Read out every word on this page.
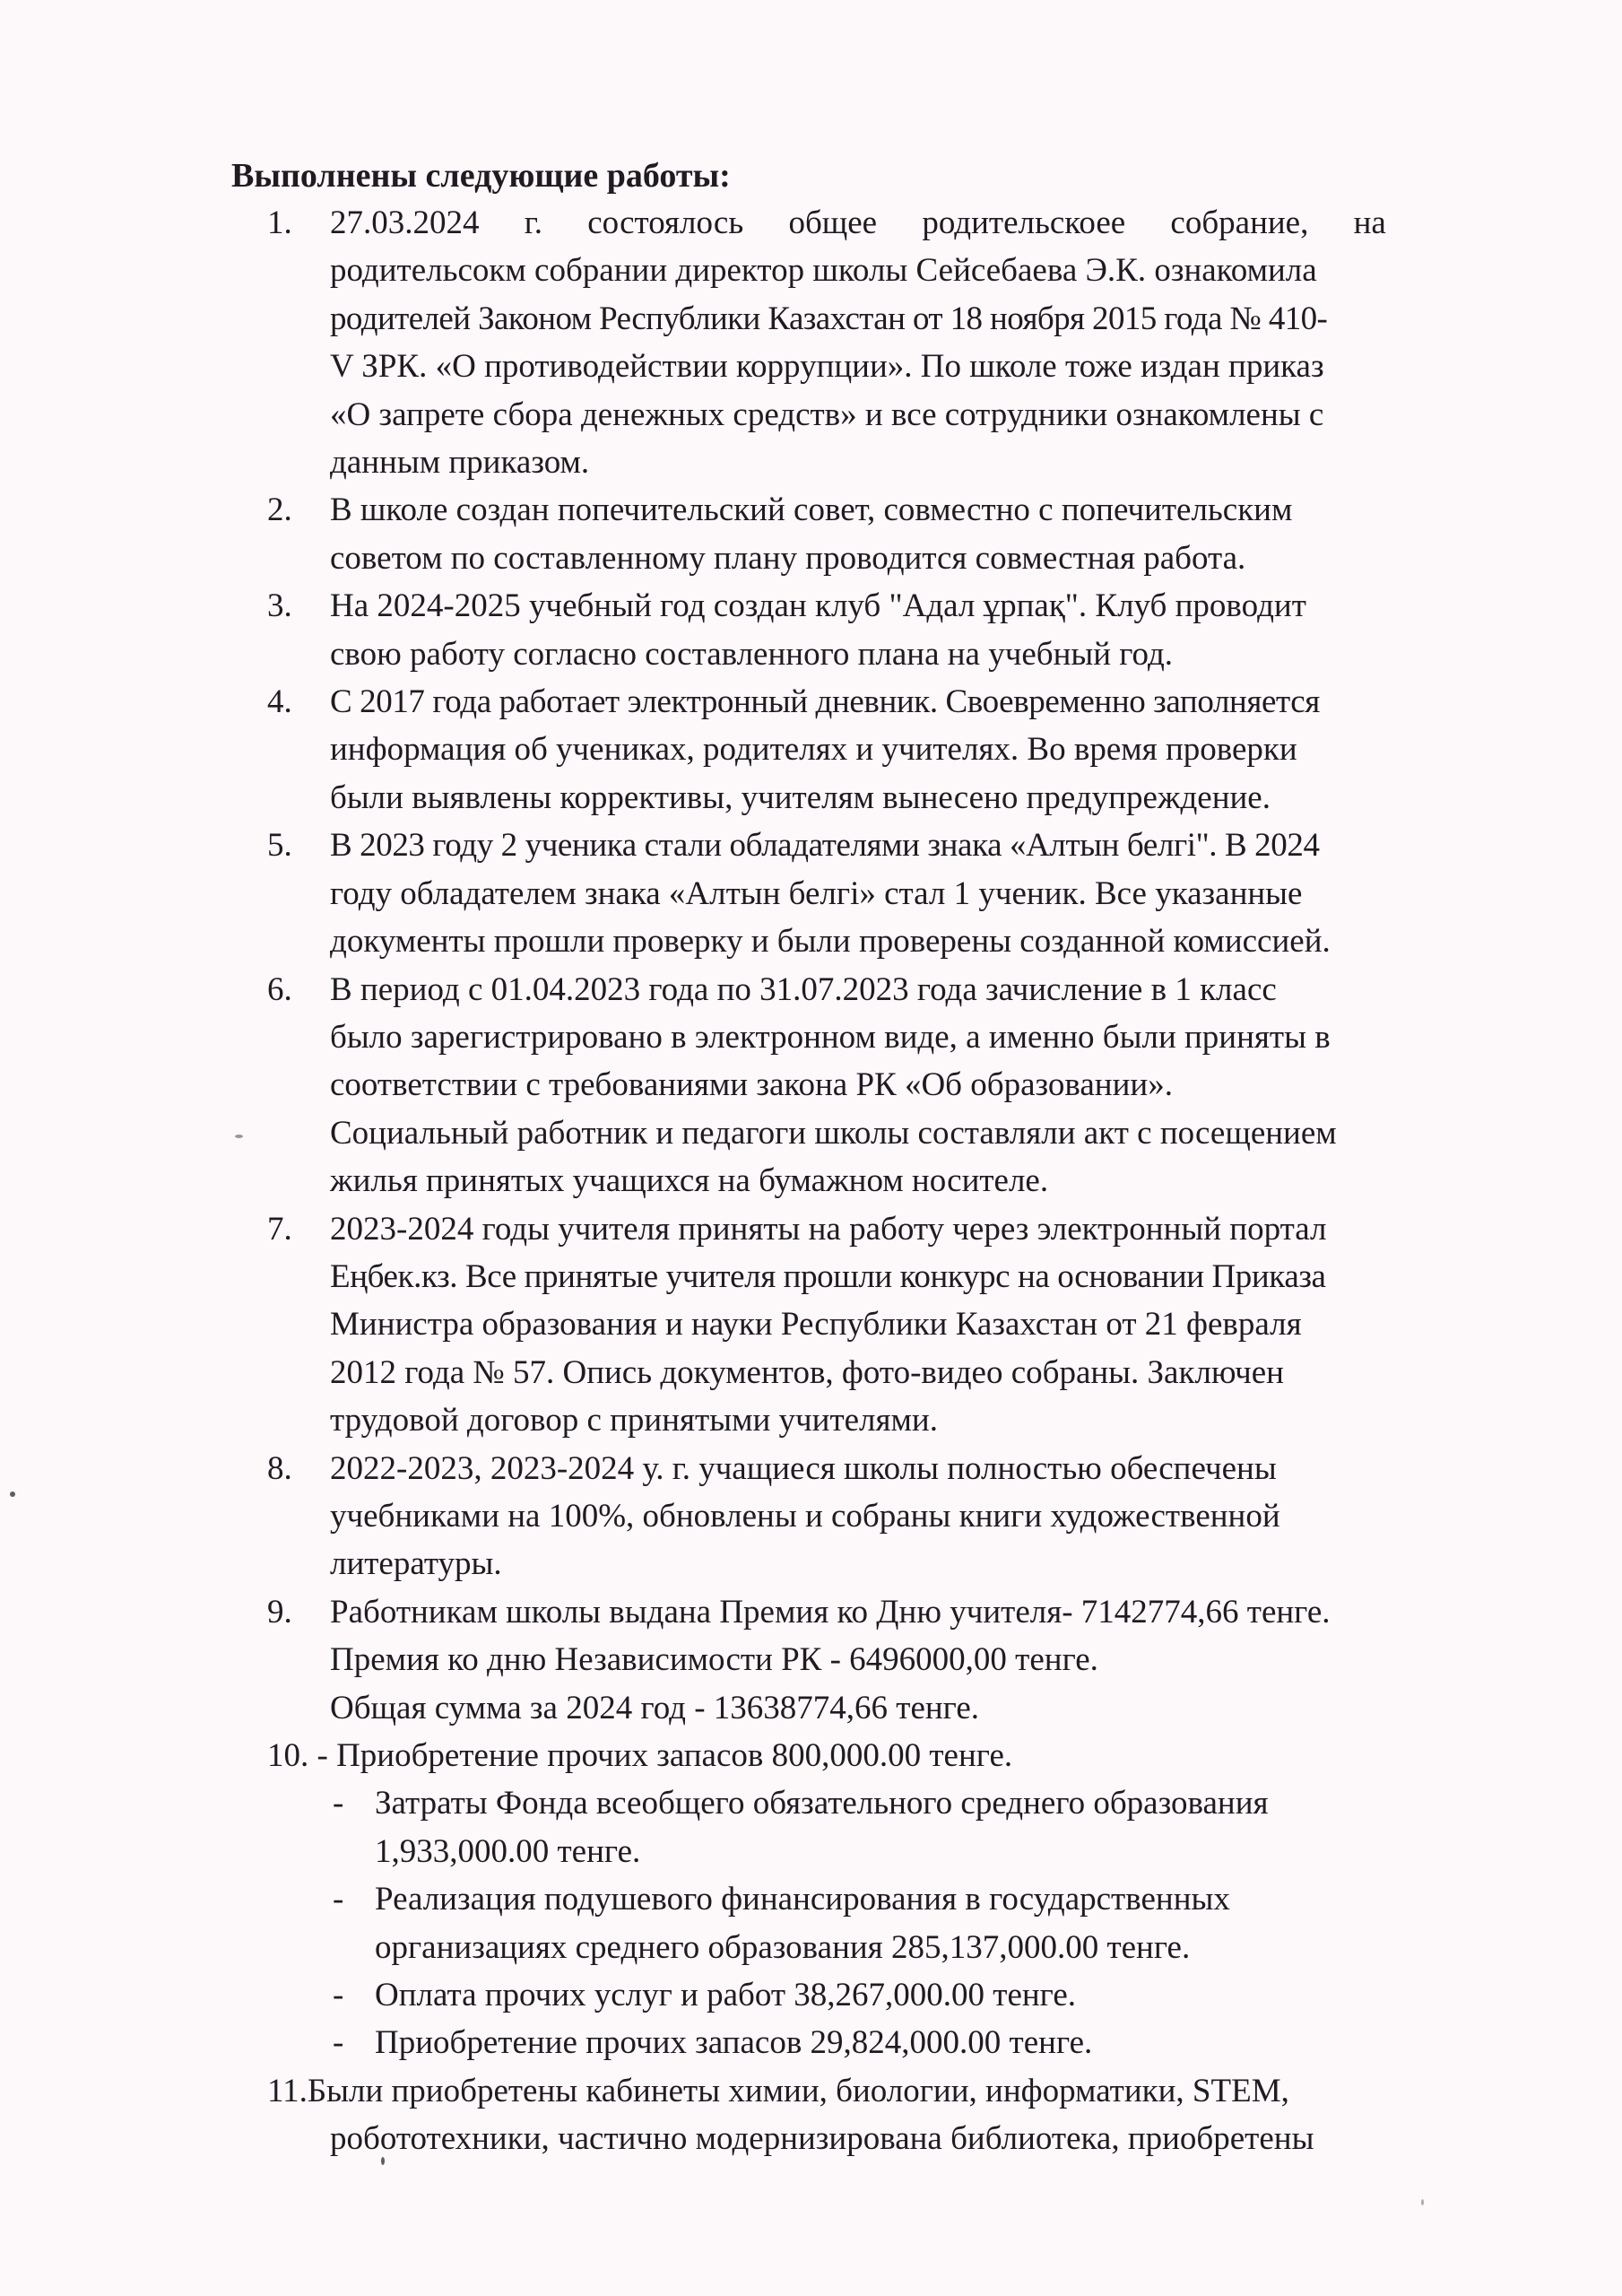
Выполнены следующие работы:
1. 27.03.2024 г. состоялось общее родительскоее собрание, на
родительсокм собрании директор школы Сейсебаева Э.К. ознакомила
родителей Законом Республики Казахстан от 18 ноября 2015 года № 410-
V ЗРК. «О противодействии коррупции». По школе тоже издан приказ
«О запрете сбора денежных средств» и все сотрудники ознакомлены с
данным приказом.
2. В школе создан попечительский совет, совместно с попечительским
советом по составленному плану проводится совместная работа.
3. На 2024-2025 учебный год создан клуб "Адал ұрпақ". Клуб проводит
свою работу согласно составленного плана на учебный год.
4. С 2017 года работает электронный дневник. Своевременно заполняется
информация об учениках, родителях и учителях. Во время проверки
были выявлены коррективы, учителям вынесено предупреждение.
5. В 2023 году 2 ученика стали обладателями знака «Алтын белгі". В 2024
году обладателем знака «Алтын белгі» стал 1 ученик. Все указанные
документы прошли проверку и были проверены созданной комиссией.
6. В период с 01.04.2023 года по 31.07.2023 года зачисление в 1 класс
было зарегистрировано в электронном виде, а именно были приняты в
соответствии с требованиями закона РК «Об образовании».
Социальный работник и педагоги школы составляли акт с посещением
жилья принятых учащихся на бумажном носителе.
7. 2023-2024 годы учителя приняты на работу через электронный портал
Еңбек.кз. Все принятые учителя прошли конкурс на основании Приказа
Министра образования и науки Республики Казахстан от 21 февраля
2012 года № 57. Опись документов, фото-видео собраны. Заключен
трудовой договор с принятыми учителями.
8. 2022-2023, 2023-2024 у. г. учащиеся школы полностью обеспечены
учебниками на 100%, обновлены и собраны книги художественной
литературы.
9. Работникам школы выдана Премия ко Дню учителя- 7142774,66 тенге.
Премия ко дню Независимости РК - 6496000,00 тенге.
Общая сумма за 2024 год - 13638774,66 тенге.
10. - Приобретение прочих запасов 800,000.00 тенге.
- Затраты Фонда всеобщего обязательного среднего образования
1,933,000.00 тенге.
- Реализация подушевого финансирования в государственных
организациях среднего образования 285,137,000.00 тенге.
- Оплата прочих услуг и работ 38,267,000.00 тенге.
- Приобретение прочих запасов 29,824,000.00 тенге.
11.Были приобретены кабинеты химии, биологии, информатики, STEM,
робототехники, частично модернизирована библиотека, приобретены
